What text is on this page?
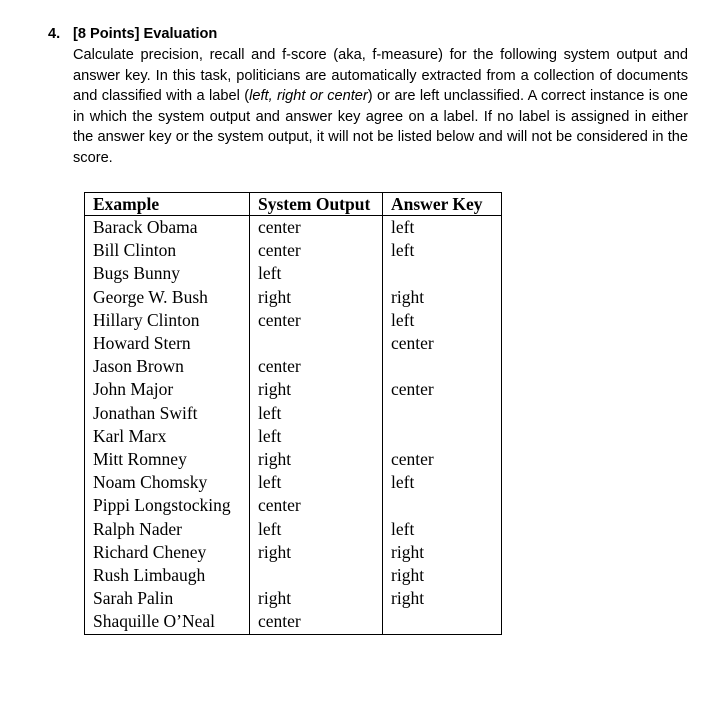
4. [8 Points] Evaluation
Calculate precision, recall and f-score (aka, f-measure) for the following system output and answer key. In this task, politicians are automatically extracted from a collection of documents and classified with a label (left, right or center) or are left unclassified. A correct instance is one in which the system output and answer key agree on a label. If no label is assigned in either the answer key or the system output, it will not be listed below and will not be considered in the score.
Example	System Output	Answer Key
Barack Obama	center	left
Bill Clinton	center	left
Bugs Bunny	left	
George W. Bush	right	right
Hillary Clinton	center	left
Howard Stern		center
Jason Brown	center	
John Major	right	center
Jonathan Swift	left	
Karl Marx	left	
Mitt Romney	right	center
Noam Chomsky	left	left
Pippi Longstocking	center	
Ralph Nader	left	left
Richard Cheney	right	right
Rush Limbaugh		right
Sarah Palin	right	right
Shaquille O’Neal	center	
